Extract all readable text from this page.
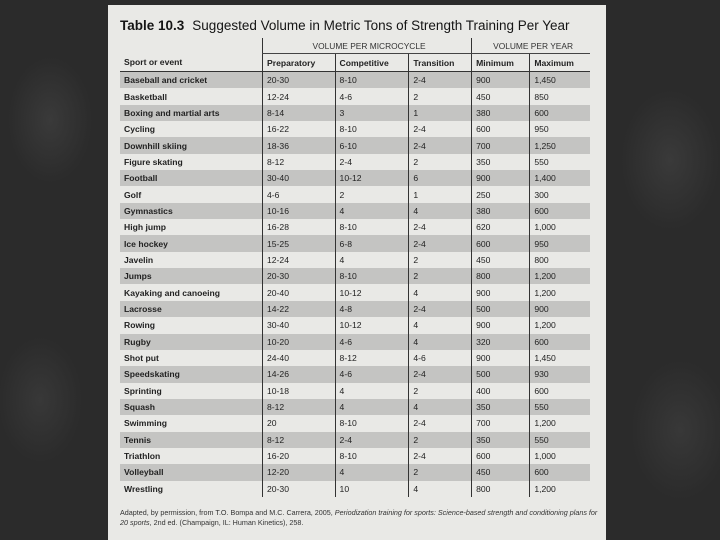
Table 10.3 Suggested Volume in Metric Tons of Strength Training Per Year
	VOLUME PER MICROCYCLE			VOLUME PER YEAR	
Sport or event	Preparatory	Competitive	Transition	Minimum	Maximum
Baseball and cricket	20-30	8-10	2-4	900	1,450
Basketball	12-24	4-6	2	450	850
Boxing and martial arts	8-14	3	1	380	600
Cycling	16-22	8-10	2-4	600	950
Downhill skiing	18-36	6-10	2-4	700	1,250
Figure skating	8-12	2-4	2	350	550
Football	30-40	10-12	6	900	1,400
Golf	4-6	2	1	250	300
Gymnastics	10-16	4	4	380	600
High jump	16-28	8-10	2-4	620	1,000
Ice hockey	15-25	6-8	2-4	600	950
Javelin	12-24	4	2	450	800
Jumps	20-30	8-10	2	800	1,200
Kayaking and canoeing	20-40	10-12	4	900	1,200
Lacrosse	14-22	4-8	2-4	500	900
Rowing	30-40	10-12	4	900	1,200
Rugby	10-20	4-6	4	320	600
Shot put	24-40	8-12	4-6	900	1,450
Speedskating	14-26	4-6	2-4	500	930
Sprinting	10-18	4	2	400	600
Squash	8-12	4	4	350	550
Swimming	20	8-10	2-4	700	1,200
Tennis	8-12	2-4	2	350	550
Triathlon	16-20	8-10	2-4	600	1,000
Volleyball	12-20	4	2	450	600
Wrestling	20-30	10	4	800	1,200
Adapted, by permission, from T.O. Bompa and M.C. Carrera, 2005, Periodization training for sports: Science-based strength and conditioning plans for 20 sports, 2nd ed. (Champaign, IL: Human Kinetics), 258.
